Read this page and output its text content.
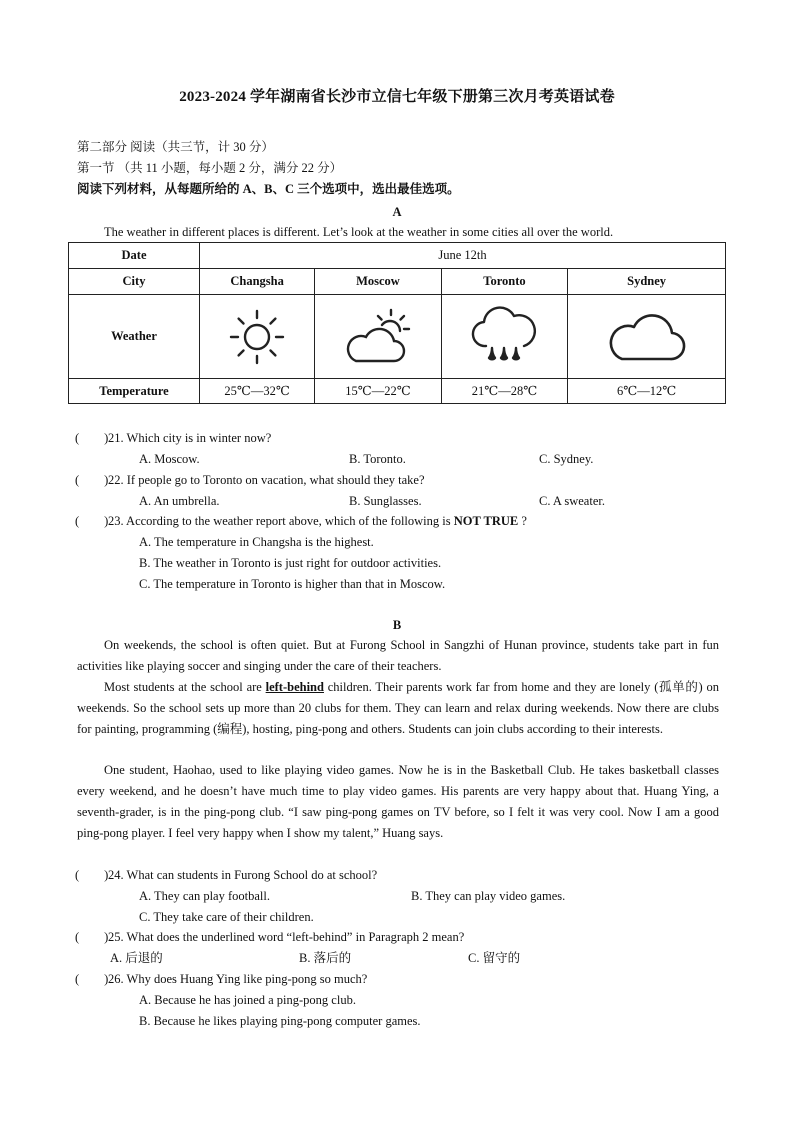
2023-2024 学年湖南省长沙市立信七年级下册第三次月考英语试卷
第二部分 阅读（共三节，计 30 分）
第一节 （共 11 小题，每小题 2 分，满分 22 分）
阅读下列材料，从每题所给的 A、B、C 三个选项中，选出最佳选项。
A
The weather in different places is different. Let’s look at the weather in some cities all over the world.
Date	June 12th			
City	Changsha	Moscow	Toronto	Sydney
Weather	

Temperature	25℃—32℃	15℃—22℃	21℃—28℃	6℃—12℃
( )21. Which city is in winter now?
A. Moscow.	B. Toronto.	C. Sydney.
( )22. If people go to Toronto on vacation, what should they take?
A. An umbrella.	B. Sunglasses.	C. A sweater.
( )23. According to the weather report above, which of the following is NOT TRUE ?
A. The temperature in Changsha is the highest.
B. The weather in Toronto is just right for outdoor activities.
C. The temperature in Toronto is higher than that in Moscow.
B

On weekends, the school is often quiet. But at Furong School in Sangzhi of Hunan province, students take part in fun activities like playing soccer and singing under the care of their teachers.

Most students at the school are left-behind children. Their parents work far from home and they are lonely (孤单的) on weekends. So the school sets up more than 20 clubs for them. They can learn and relax during weekends. Now there are clubs for painting, programming (编程), hosting, ping-pong and others. Students can join clubs according to their interests.

One student, Haohao, used to like playing video games. Now he is in the Basketball Club. He takes basketball classes every weekend, and he doesn’t have much time to play video games. His parents are very happy about that. Huang Ying, a seventh-grader, is in the ping-pong club. “I saw ping-pong games on TV before, so I felt it was very cool. Now I am a good ping-pong player. I feel very happy when I show my talent,” Huang says.

( )24. What can students in Furong School do at school?
A. They can play football.	B. They can play video games.
C. They take care of their children.
( )25. What does the underlined word “left-behind” in Paragraph 2 mean?
A. 后退的	B. 落后的	C. 留守的
( )26. Why does Huang Ying like ping-pong so much?
A. Because he has joined a ping-pong club.
B. Because he likes playing ping-pong computer games.
